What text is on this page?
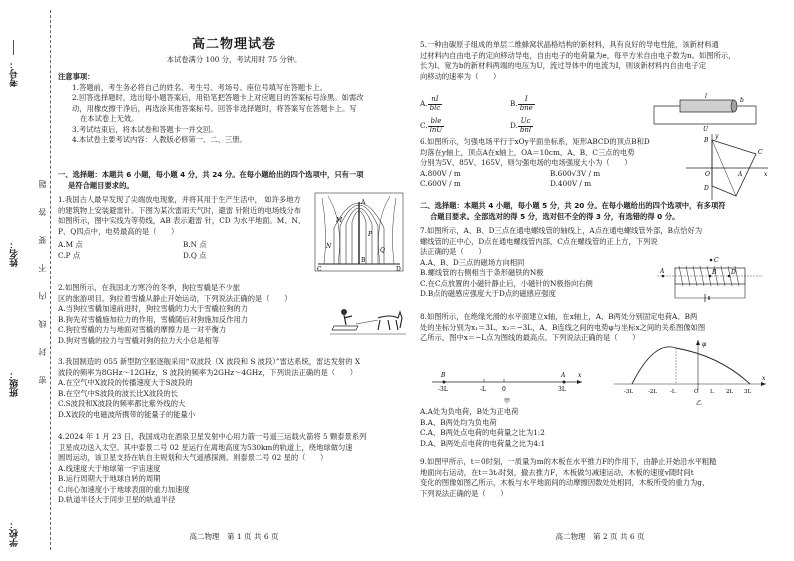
考号：
姓名：
班级：
学校：
题
答
要
不
内
线
封
密
高二物理试卷
本试卷满分 100 分，考试用时 75 分钟。

注意事项：

1.答题前，考生务必将自己的姓名、考生号、考场号、座位号填写在答题卡上。

2.回答选择题时，选出每小题答案后，用铅笔把答题卡上对应题目的答案标号涂黑。如需改

动，用橡皮擦干净后，再选涂其他答案标号。回答非选择题时，将答案写在答题卡上。写

在本试卷上无效。

3.考试结束后，将本试卷和答题卡一并交回。

4.本试卷主要考试内容：人教版必修第一、二、三册。

一、选择题：本题共 6 小题，每小题 4 分，共 24 分。在每小题给出的四个选项中，只有一项

是符合题目要求的。

1.我国古人最早发现了尖端放电现象，

并将其用于生产生活中，

如许多地方的建筑物上安装避雷针。下

图为某次雷雨天气时，避雷

针附近的电场线分布如图所示，图中实

线为等势线，AB 表示避雷

针，CD 为水平地面。M、N、P、Q四点中，电势最高的

是（　　）

A.M 点	B.N 点
C.P 点	D.Q 点
A
B
C	D
M
N
P
Q

2.如图所示，在我国北方寒冷的冬季，狗拉雪橇是不少旅

区的旅游项目。狗拉着雪橇从静止开始运动，下列说法正确的是（　　）

A.当狗拉雪橇加速前进时，狗拉雪橇的力大于雪橇拉狗的力

B.狗先对雪橇施加拉力的作用，雪橇随后对狗施加反作用力

C.狗拉雪橇的力与地面对雪橇的摩擦力是一对平衡力

D.狗对雪橇的拉力与雪橇对狗的拉力大小总是相等

3.我国制造的 055 新型防空驱逐舰采用“双波段（X 波段和 S 波段）”雷达系统，雷达发射的 X

波段的频率为8GHz～12GHz，S 波段的频率为2GHz～4GHz，下列说法正确的是（　　）

A.在空气中X波段的传播速度大于S波段的

B.在空气中S波段的波长比X波段的长

C.S波段和X波段的频率都比紫外线的大

D.X波段的电磁波所携带的能量子的能量小

4.2024 年 1 月 23 日，我国成功在酒泉卫星发射中心用力箭一号遥三运载火箭将 5 颗泰景系列

卫星成功送入太空。其中泰景二号 02 星运行在离地高度为530km的轨道上，绕地球做匀速

圆周运动，该卫星支持在轨自主规划和大气遥感探测。则泰景二号 02 星的（　　）

A.线速度大于地球第一宇宙速度

B.运行周期大于地球自转的周期

C.向心加速度小于地球表面的重力加速度

D.轨道半径大于同步卫星的轨道半径

高二物理　第 1 页 共 6 页

5.一种由碳原子组成的单层二维蜂窝状晶格结构的新材料，具有良好的导电性能，该新材料通

过材料内自由电子的定向移动导电，自由电子的电荷量为e，每平方米自由电子数为n。如图所示，

长为l、宽为b的新材料两端的电压为U，流过导体中的电流为I，则该新材料内自由电子定

向移动的速率为（　　）

A. $\frac{nI}{\text{blc}}$	B. $\frac{I}{\text{bne}}$
C. $\frac{\text{ble}}{\ln U}$	D. $\frac{Uc}{\text{bnl}}$
l
b
U

6.如图所示，匀强电场平行于xOy平面坐标系，矩形ABCD的顶点B和D

均落在y轴上，顶点A在x轴上，OA＝10cm，A、B、C三点的电势

分别为5V、85V、165V，则匀强电场的电场强度大小为（　　）

A.800V / m	B.600√3V / m
C.600V / m	D.400V / m
B
y
C
A
O	x
D

二、选择题：本题共 4 小题，每小题 5 分，共 20 分。在每小题给出的四个选项中，有多项符

合题目要求。全部选对的得 5 分，选对但不全的得 3 分，有选错的得 0 分。

7.如图所示，A、B、D三点在通电螺线管的轴线上，A点在通电螺线管外部，B点恰好为

螺线管的正中心，D点在通电螺线管内部，C点在螺线管的正上方，下列说

法正确的是（　　）

A.A、B、D三点的磁场方向相同

B.螺线管的右侧相当于条形磁铁的N极

C.在C点放置的小磁针静止后，小磁针的N极指向右侧

D.B点的磁感应强度大于D点的磁感应强度

C
A	B D

8.如图所示，在绝缘光滑的水平面建立x轴，在x轴上，A、B两处分别固定电荷A、B两

处的坐标分别为x₁＝3L、x₂＝−3L，A、B连线之间的电势φ与坐标x之间的关系图像如图

乙所示，图中x＝−L点为图线的最高点。下列说法正确的是（　　）

B	A x
-3L	-L	0	3L
甲
φ
x
-3L	-2L -L	O L 2L 3L
乙

A.A处为负电荷，B处为正电荷

B.A、B两处均为负电荷

C.A、B两处点电荷的电荷量之比为1:2

D.A、B两处点电荷的电荷量之比为4:1

9.如图甲所示，t＝0时刻，一质量为m的木板在水平推力F的作用下，由静止开始沿水平粗糙

地面向右运动，在t＝3t₀时刻，撤去推力F，木板做匀减速运动，木板的速度v随时间t

变化的图像如图乙所示，木板与水平地面间的动摩擦因数处处相同，木板所受的重力为g，

下列说法正确的是（　　）

高二物理　第 2 页 共 6 页
